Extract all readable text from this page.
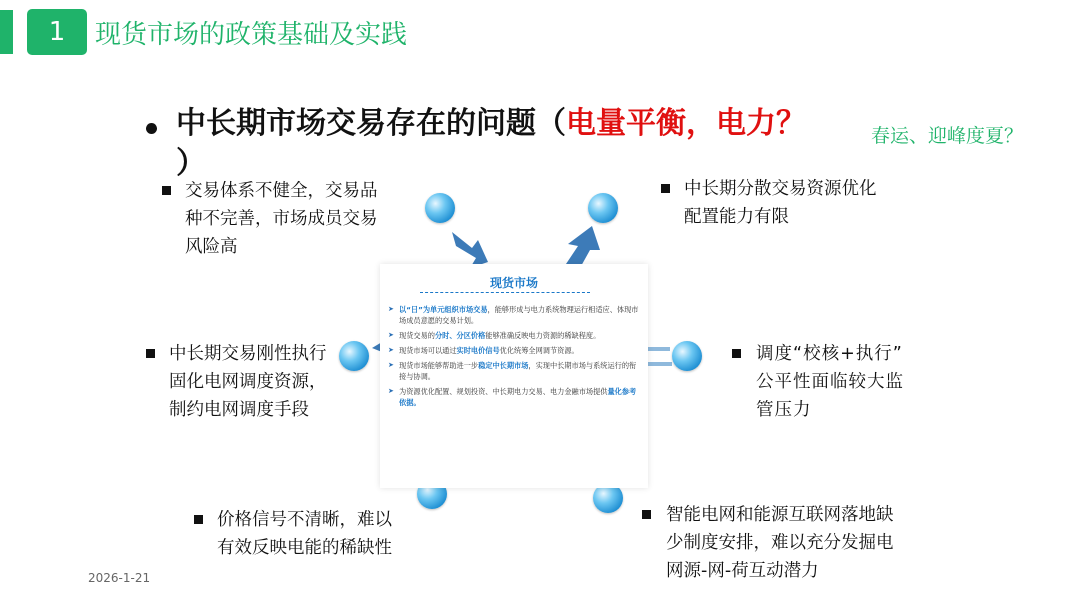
1	现货市场的政策基础及实践
中长期市场交易存在的问题（电量平衡，电力？
）
春运、迎峰度夏？
交易体系不健全，交易品
种不完善，市场成员交易
风险高
中长期分散交易资源优化
配置能力有限
中长期交易刚性执行
固化电网调度资源，
制约电网调度手段
调度“校核+执行”
公平性面临较大监
管压力
价格信号不清晰，难以
有效反映电能的稀缺性
智能电网和能源互联网落地缺
少制度安排，难以充分发掘电
网源-网-荷互动潜力
现货市场
➤ 以“日”为单元组织市场交易，能够形成与电力系统物理运行相适应、体现市场成员意愿的交易计划。
➤ 现货交易的分时、分区价格能够准确反映电力资源的稀缺程度。
➤ 现货市场可以通过实时电价信号优化统筹全网调节资源。
➤ 现货市场能够帮助进一步稳定中长期市场，实现中长期市场与系统运行的衔接与协调。
➤ 为资源优化配置、规划投资、中长期电力交易、电力金融市场提供量化参考依据。
2026-1-21
